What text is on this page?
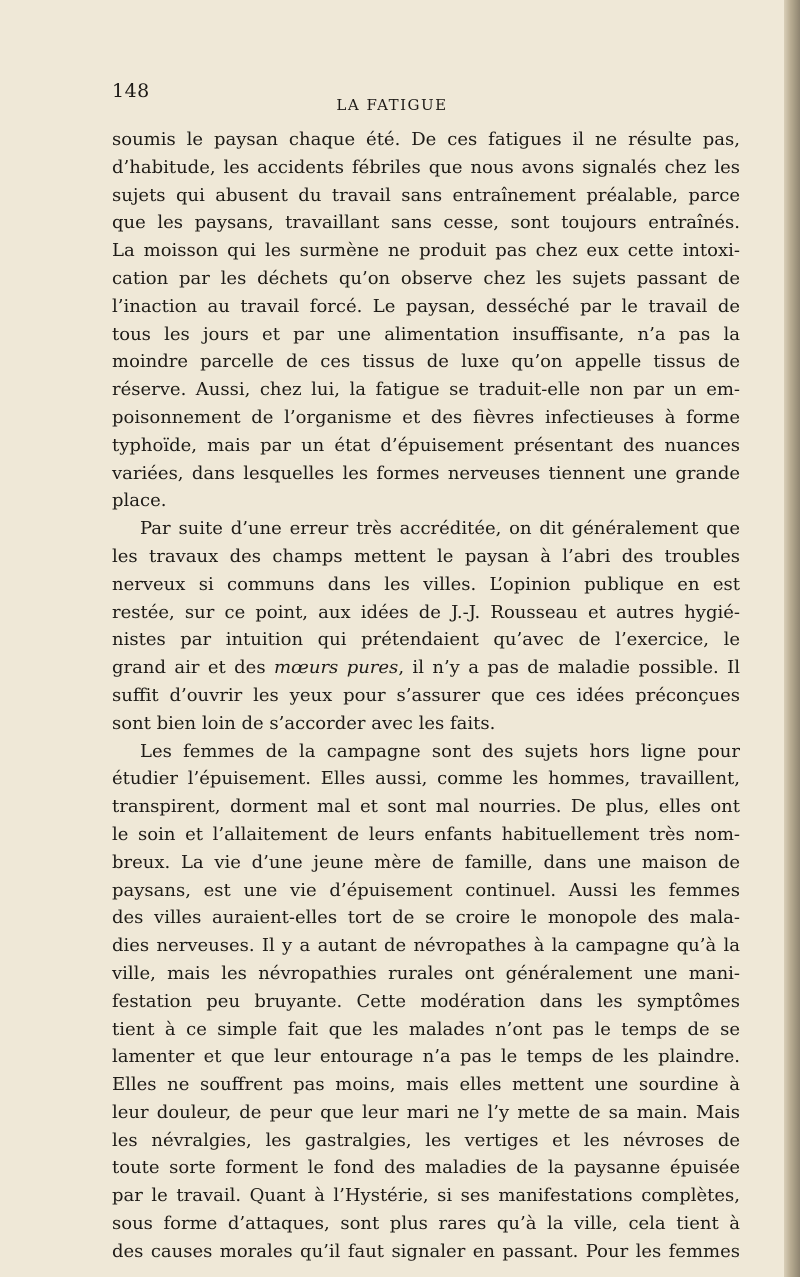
148

LA FATIGUE

soumis le paysan chaque été. De ces fatigues il ne résulte pas,
d’habitude, les accidents fébriles que nous avons signalés chez les
sujets qui abusent du travail sans entraînement préalable, parce
que les paysans, travaillant sans cesse, sont toujours entraînés.
La moisson qui les surmène ne produit pas chez eux cette intoxi-
cation par les déchets qu’on observe chez les sujets passant de
l’inaction au travail forcé. Le paysan, desséché par le travail de
tous les jours et par une alimentation insuffisante, n’a pas la
moindre parcelle de ces tissus de luxe qu’on appelle tissus de
réserve. Aussi, chez lui, la fatigue se traduit-elle non par un em-
poisonnement de l’organisme et des fièvres infectieuses à forme
typhoïde, mais par un état d’épuisement présentant des nuances
variées, dans lesquelles les formes nerveuses tiennent une grande
place.
Par suite d’une erreur très accréditée, on dit généralement que
les travaux des champs mettent le paysan à l’abri des troubles
nerveux si communs dans les villes. L’opinion publique en est
restée, sur ce point, aux idées de J.-J. Rousseau et autres hygié-
nistes par intuition qui prétendaient qu’avec de l’exercice, le
grand air et des mœurs pures, il n’y a pas de maladie possible. Il
suffit d’ouvrir les yeux pour s’assurer que ces idées préconçues
sont bien loin de s’accorder avec les faits.
Les femmes de la campagne sont des sujets hors ligne pour
étudier l’épuisement. Elles aussi, comme les hommes, travaillent,
transpirent, dorment mal et sont mal nourries. De plus, elles ont
le soin et l’allaitement de leurs enfants habituellement très nom-
breux. La vie d’une jeune mère de famille, dans une maison de
paysans, est une vie d’épuisement continuel. Aussi les femmes
des villes auraient-elles tort de se croire le monopole des mala-
dies nerveuses. Il y a autant de névropathes à la campagne qu’à la
ville, mais les névropathies rurales ont généralement une mani-
festation peu bruyante. Cette modération dans les symptômes
tient à ce simple fait que les malades n’ont pas le temps de se
lamenter et que leur entourage n’a pas le temps de les plaindre.
Elles ne souffrent pas moins, mais elles mettent une sourdine à
leur douleur, de peur que leur mari ne l’y mette de sa main. Mais
les névralgies, les gastralgies, les vertiges et les névroses de
toute sorte forment le fond des maladies de la paysanne épuisée
par le travail. Quant à l’Hystérie, si ses manifestations complètes,
sous forme d’attaques, sont plus rares qu’à la ville, cela tient à
des causes morales qu’il faut signaler en passant. Pour les femmes
